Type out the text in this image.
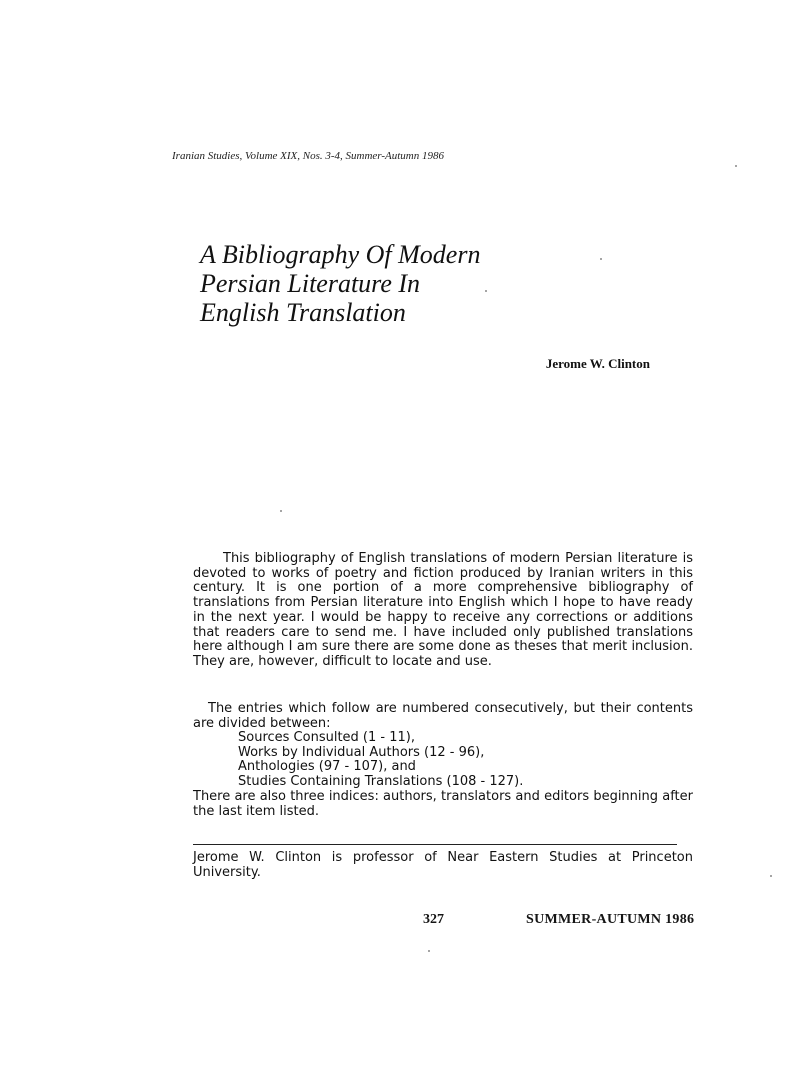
Iranian Studies, Volume XIX, Nos. 3-4, Summer-Autumn 1986
A Bibliography Of Modern
Persian Literature In
English Translation
Jerome W. Clinton

This bibliography of English translations of modern Persian literature is devoted to works of poetry and fiction produced by Iranian writers in this century. It is one portion of a more comprehensive bibliography of translations from Persian literature into English which I hope to have ready in the next year. I would be happy to receive any corrections or additions that readers care to send me. I have included only published translations here although I am sure there are some done as theses that merit inclusion. They are, however, difficult to locate and use.

The entries which follow are numbered consecutively, but their contents are divided between:

Sources Consulted (1 - 11),
Works by Individual Authors (12 - 96),
Anthologies (97 - 107), and
Studies Containing Translations (108 - 127).

There are also three indices: authors, translators and editors beginning after the last item listed.

Jerome W. Clinton is professor of Near Eastern Studies at Princeton University.

327	SUMMER-AUTUMN 1986
